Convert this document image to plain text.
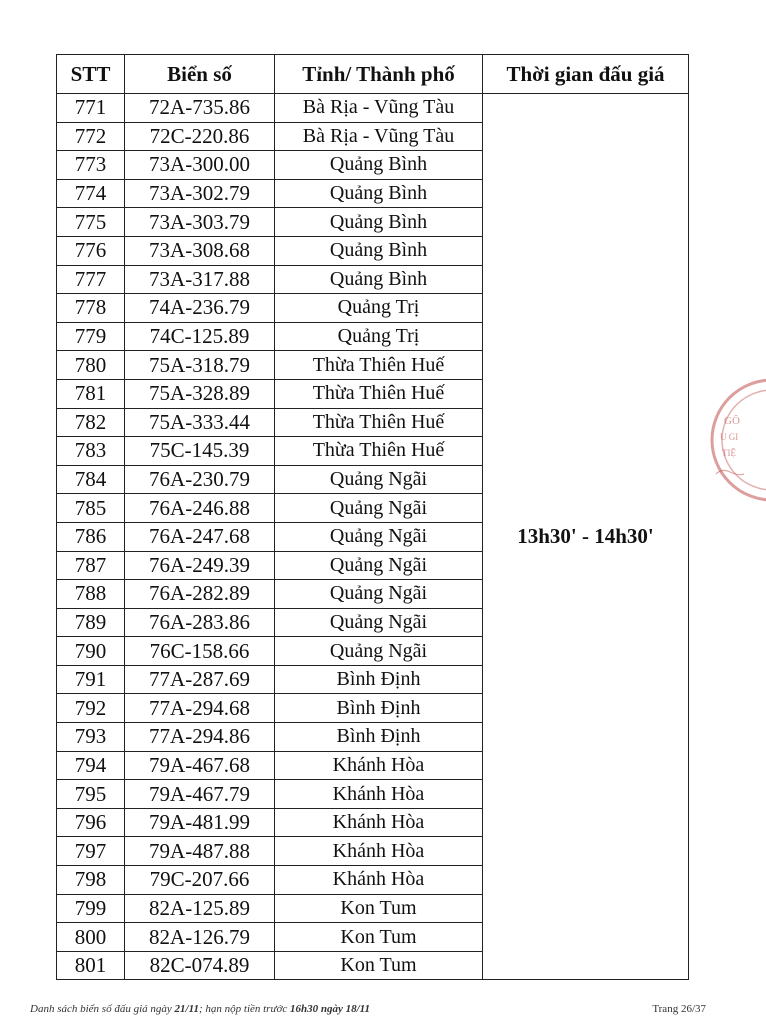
STT	Biển số	Tỉnh/ Thành phố	Thời gian đấu giá
771	72A-735.86	Bà Rịa - Vũng Tàu	13h30' - 14h30'
772	72C-220.86	Bà Rịa - Vũng Tàu	
773	73A-300.00	Quảng Bình	
774	73A-302.79	Quảng Bình	
775	73A-303.79	Quảng Bình	
776	73A-308.68	Quảng Bình	
777	73A-317.88	Quảng Bình	
778	74A-236.79	Quảng Trị	
779	74C-125.89	Quảng Trị	
780	75A-318.79	Thừa Thiên Huế	
781	75A-328.89	Thừa Thiên Huế	
782	75A-333.44	Thừa Thiên Huế	
783	75C-145.39	Thừa Thiên Huế	
784	76A-230.79	Quảng Ngãi	
785	76A-246.88	Quảng Ngãi	
786	76A-247.68	Quảng Ngãi	
787	76A-249.39	Quảng Ngãi	
788	76A-282.89	Quảng Ngãi	
789	76A-283.86	Quảng Ngãi	
790	76C-158.66	Quảng Ngãi	
791	77A-287.69	Bình Định	
792	77A-294.68	Bình Định	
793	77A-294.86	Bình Định	
794	79A-467.68	Khánh Hòa	
795	79A-467.79	Khánh Hòa	
796	79A-481.99	Khánh Hòa	
797	79A-487.88	Khánh Hòa	
798	79C-207.66	Khánh Hòa	
799	82A-125.89	Kon Tum	
800	82A-126.79	Kon Tum	
801	82C-074.89	Kon Tum	
Danh sách biển số đấu giá ngày 21/11; hạn nộp tiền trước 16h30 ngày 18/11	Trang 26/37
GÔ
U GI
TIỆ
